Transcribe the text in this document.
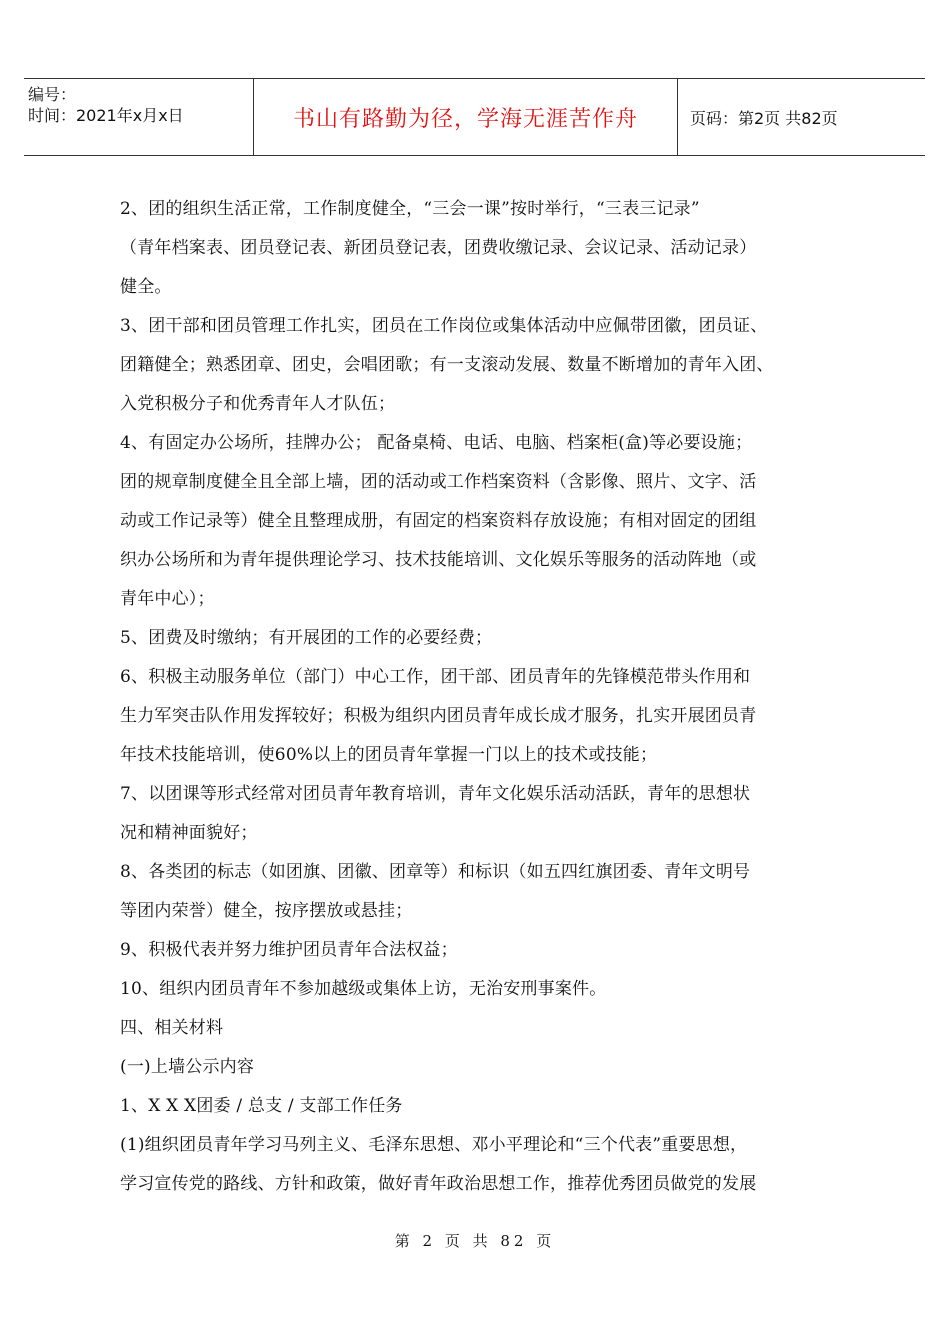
编号：
时间：2021年x月x日	书山有路勤为径，学海无涯苦作舟	页码：第2页 共82页

2、团的组织生活正常，工作制度健全，“三会一课”按时举行，“三表三记录”

（青年档案表、团员登记表、新团员登记表，团费收缴记录、会议记录、活动记录）

健全。

3、团干部和团员管理工作扎实，团员在工作岗位或集体活动中应佩带团徽，团员证、

团籍健全；熟悉团章、团史，会唱团歌；有一支滚动发展、数量不断增加的青年入团、

入党积极分子和优秀青年人才队伍；

4、有固定办公场所，挂牌办公； 配备桌椅、电话、电脑、档案柜(盒)等必要设施；

团的规章制度健全且全部上墙，团的活动或工作档案资料（含影像、照片、文字、活

动或工作记录等）健全且整理成册，有固定的档案资料存放设施；有相对固定的团组

织办公场所和为青年提供理论学习、技术技能培训、文化娱乐等服务的活动阵地（或

青年中心）；

5、团费及时缴纳；有开展团的工作的必要经费；

6、积极主动服务单位（部门）中心工作，团干部、团员青年的先锋模范带头作用和

生力军突击队作用发挥较好；积极为组织内团员青年成长成才服务，扎实开展团员青

年技术技能培训，使60%以上的团员青年掌握一门以上的技术或技能；

7、以团课等形式经常对团员青年教育培训，青年文化娱乐活动活跃，青年的思想状

况和精神面貌好；

8、各类团的标志（如团旗、团徽、团章等）和标识（如五四红旗团委、青年文明号

等团内荣誉）健全，按序摆放或悬挂；

9、积极代表并努力维护团员青年合法权益；

10、组织内团员青年不参加越级或集体上访，无治安刑事案件。

四、相关材料

(一)上墙公示内容

1、X X X团委 / 总支 / 支部工作任务

(1)组织团员青年学习马列主义、毛泽东思想、邓小平理论和“三个代表”重要思想，

学习宣传党的路线、方针和政策，做好青年政治思想工作，推荐优秀团员做党的发展

第 2 页 共 82 页
